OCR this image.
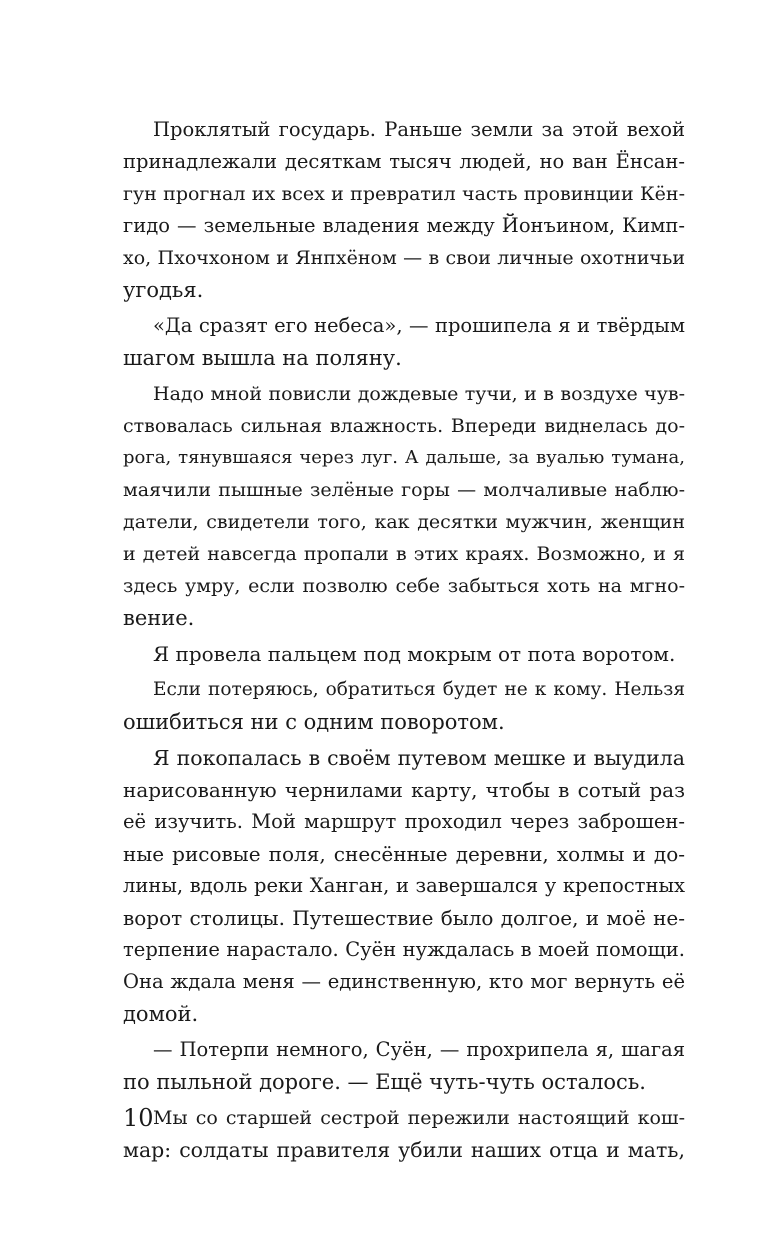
Проклятый государь. Раньше земли за этой вехой
принадлежали десяткам тысяч людей, но ван Ёнсан-
гун прогнал их всех и превратил часть провинции Кён-
гидо — земельные владения между Йонъином, Кимп-
хо, Пхочхоном и Янпхёном — в свои личные охотничьи
угодья.
«Да сразят его небеса», — прошипела я и твёрдым
шагом вышла на поляну.
Надо мной повисли дождевые тучи, и в воздухе чув-
ствовалась сильная влажность. Впереди виднелась до-
рога, тянувшаяся через луг. А дальше, за вуалью тумана,
маячили пышные зелёные горы — молчаливые наблю-
датели, свидетели того, как десятки мужчин, женщин
и детей навсегда пропали в этих краях. Возможно, и я
здесь умру, если позволю себе забыться хоть на мгно-
вение.
Я провела пальцем под мокрым от пота воротом.
Если потеряюсь, обратиться будет не к кому. Нельзя
ошибиться ни с одним поворотом.
Я покопалась в своём путевом мешке и выудила
нарисованную чернилами карту, чтобы в сотый раз
её изучить. Мой маршрут проходил через заброшен-
ные рисовые поля, снесённые деревни, холмы и до-
лины, вдоль реки Ханган, и завершался у крепостных
ворот столицы. Путешествие было долгое, и моё не-
терпение нарастало. Суён нуждалась в моей помощи.
Она ждала меня — единственную, кто мог вернуть её
домой.
— Потерпи немного, Суён, — прохрипела я, шагая
по пыльной дороге. — Ещё чуть-чуть осталось.
Мы со старшей сестрой пережили настоящий кош-
мар: солдаты правителя убили наших отца и мать,
10
